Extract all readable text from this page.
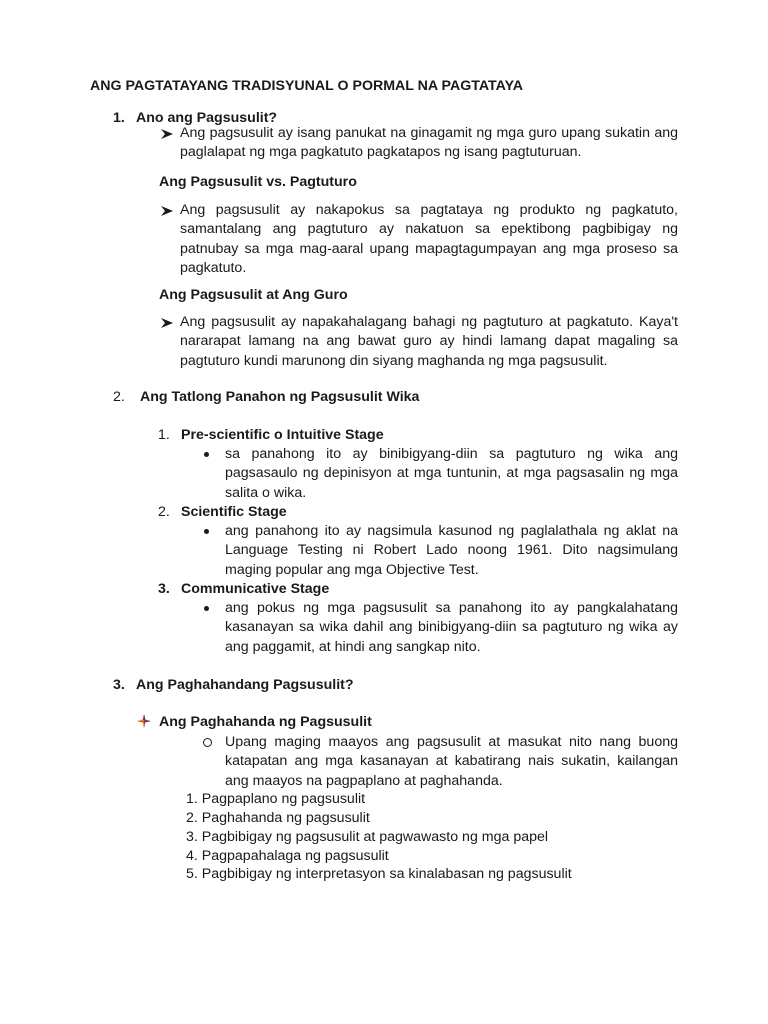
ANG PAGTATAYANG TRADISYUNAL O PORMAL NA PAGTATAYA
1. Ano ang Pagsusulit?
Ang pagsusulit ay isang panukat na ginagamit ng mga guro upang sukatin ang paglalapat ng mga pagkatuto pagkatapos ng isang pagtuturuan.
Ang Pagsusulit vs. Pagtuturo
Ang pagsusulit ay nakapokus sa pagtataya ng produkto ng pagkatuto, samantalang ang pagtuturo ay nakatuon sa epektibong pagbibigay ng patnubay sa mga mag-aaral upang mapagtagumpayan ang mga proseso sa pagkatuto.
Ang Pagsusulit at Ang Guro
Ang pagsusulit ay napakahalagang bahagi ng pagtuturo at pagkatuto. Kaya't nararapat lamang na ang bawat guro ay hindi lamang dapat magaling sa pagtuturo kundi marunong din siyang maghanda ng mga pagsusulit.
2. Ang Tatlong Panahon ng Pagsusulit Wika
1. Pre-scientific o Intuitive Stage
sa panahong ito ay binibigyang-diin sa pagtuturo ng wika ang pagsasaulo ng depinisyon at mga tuntunin, at mga pagsasalin ng mga salita o wika.
2. Scientific Stage
ang panahong ito ay nagsimula kasunod ng paglalathala ng aklat na Language Testing ni Robert Lado noong 1961. Dito nagsimulang maging popular ang mga Objective Test.
3. Communicative Stage
ang pokus ng mga pagsusulit sa panahong ito ay pangkalahatang kasanayan sa wika dahil ang binibigyang-diin sa pagtuturo ng wika ay ang paggamit, at hindi ang sangkap nito.
3. Ang Paghahandang Pagsusulit?
Ang Paghahanda ng Pagsusulit
Upang maging maayos ang pagsusulit at masukat nito nang buong katapatan ang mga kasanayan at kabatirang nais sukatin, kailangan ang maayos na pagpaplano at paghahanda.
1. Pagpaplano ng pagsusulit
2. Paghahanda ng pagsusulit
3. Pagbibigay ng pagsusulit at pagwawasto ng mga papel
4. Pagpapahalaga ng pagsusulit
5. Pagbibigay ng interpretasyon sa kinalabasan ng pagsusulit
